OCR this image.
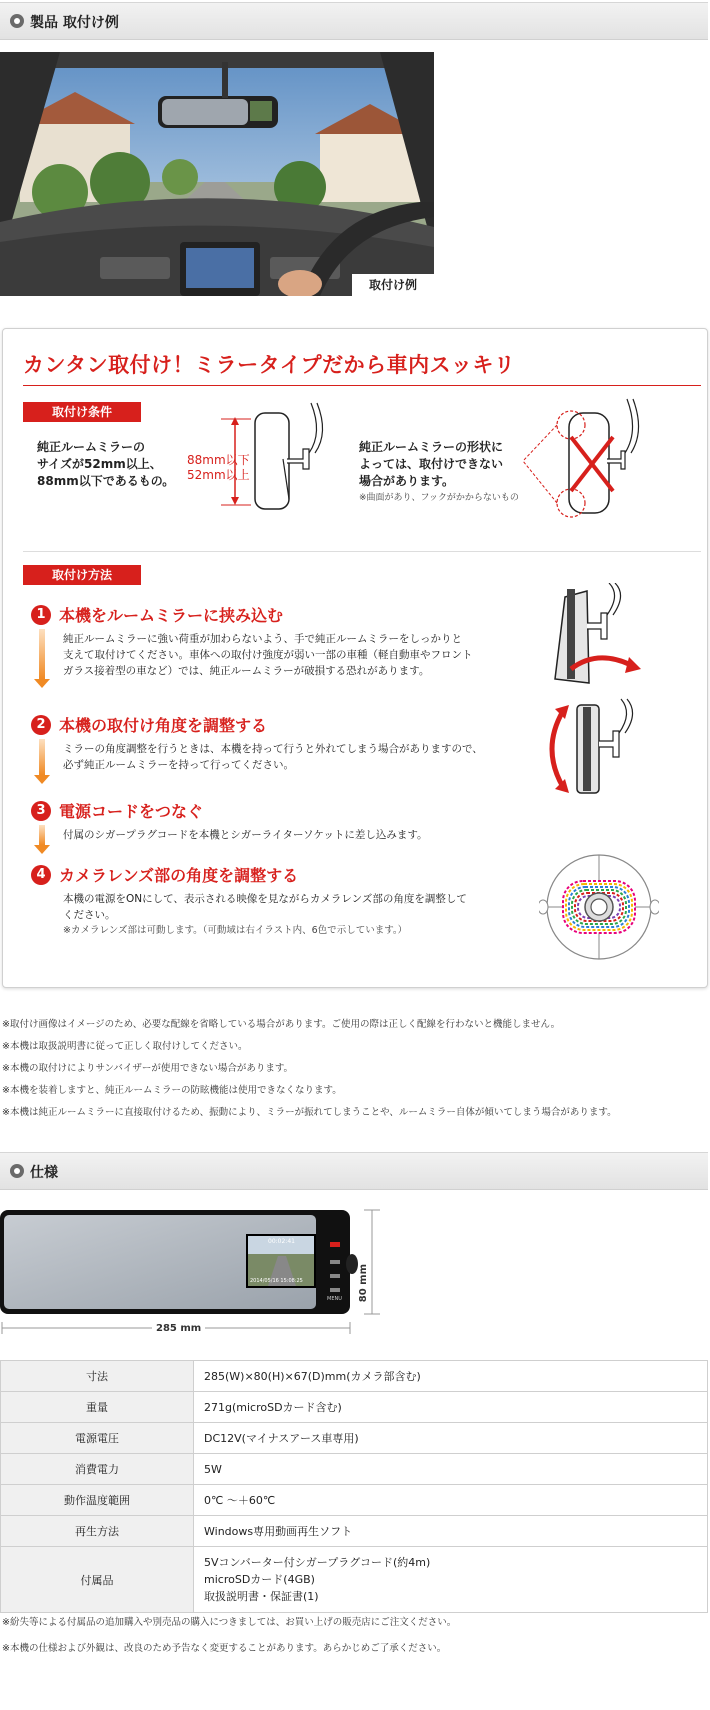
製品 取付け例
取付け例
カンタン取付け！ミラータイプだから車内スッキリ
取付け条件
純正ルームミラーの
サイズが52mm以上、
88mm以下であるもの。
88mm以下
52mm以上
純正ルームミラーの形状に
よっては、取付けできない
場合があります。
※曲面があり、フックがかからないもの
取付け方法
1 本機をルームミラーに挟み込む
純正ルームミラーに強い荷重が加わらないよう、手で純正ルームミラーをしっかりと
支えて取付けてください。車体への取付け強度が弱い一部の車種（軽自動車やフロント
ガラス接着型の車など）では、純正ルームミラーが破損する恐れがあります。
2 本機の取付け角度を調整する
ミラーの角度調整を行うときは、本機を持って行うと外れてしまう場合がありますので、
必ず純正ルームミラーを持って行ってください。
3 電源コードをつなぐ
付属のシガープラグコードを本機とシガーライターソケットに差し込みます。
4 カメラレンズ部の角度を調整する
本機の電源をONにして、表示される映像を見ながらカメラレンズ部の角度を調整して
ください。
※カメラレンズ部は可動します。（可動域は右イラスト内、6色で示しています。）
※取付け画像はイメージのため、必要な配線を省略している場合があります。ご使用の際は正しく配線を行わないと機能しません。
※本機は取扱説明書に従って正しく取付けしてください。
※本機の取付けによりサンバイザーが使用できない場合があります。
※本機を装着しますと、純正ルームミラーの防眩機能は使用できなくなります。
※本機は純正ルームミラーに直接取付けるため、振動により、ミラーが振れてしまうことや、ルームミラー自体が傾いてしまう場合があります。
仕様
00:02:41
2014/05/16 15:08:25
MENU
285 mm
80 mm
寸法	285(W)×80(H)×67(D)mm(カメラ部含む)
重量	271g(microSDカード含む)
電源電圧	DC12V(マイナスアース車専用)
消費電力	5W
動作温度範囲	0℃ ～＋60℃
再生方法	Windows専用動画再生ソフト
付属品	5Vコンバーター付シガープラグコード(約4m)
microSDカード(4GB)
取扱説明書・保証書(1)
※紛失等による付属品の追加購入や別売品の購入につきましては、お買い上げの販売店にご注文ください。
※本機の仕様および外観は、改良のため予告なく変更することがあります。あらかじめご了承ください。
